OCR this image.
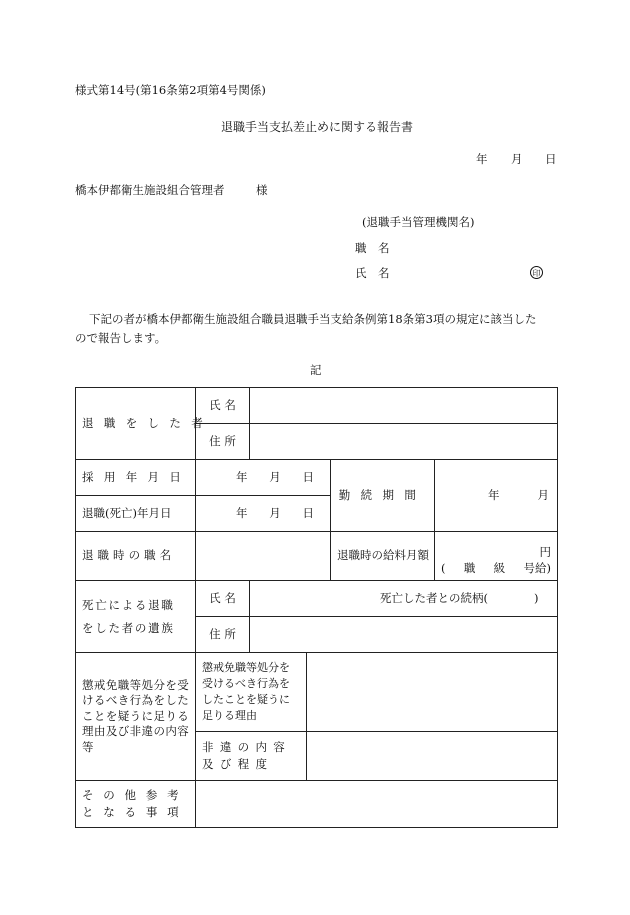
様式第14号(第16条第2項第4号関係)
退職手当支払差止めに関する報告書
年 月 日
橋本伊都衛生施設組合管理者	様
(退職手当管理機関名)
職　名
氏　名	印
下記の者が橋本伊都衛生施設組合職員退職手当支給条例第18条第3項の規定に該当した
ので報告します。
記
退職をした者	氏 名				
	住 所				
採用年月日	年 月 日			勤続期間	年 月

退職(死亡)年月日	年 月 日				

退職時の職名				退職時の給料月額	円
( 職 級 号給)

死亡による退職
をした者の遺族	氏 名	死亡した者との続柄(　　　　)			
	住 所				
懲戒免職等処分を受けるべき行為をしたことを疑うに足りる理由及び非違の内容等	懲戒免職等処分を受けるべき行為をしたことを疑うに足りる理由				

	非違の内容
及び程度				

その他参考
となる事項					
